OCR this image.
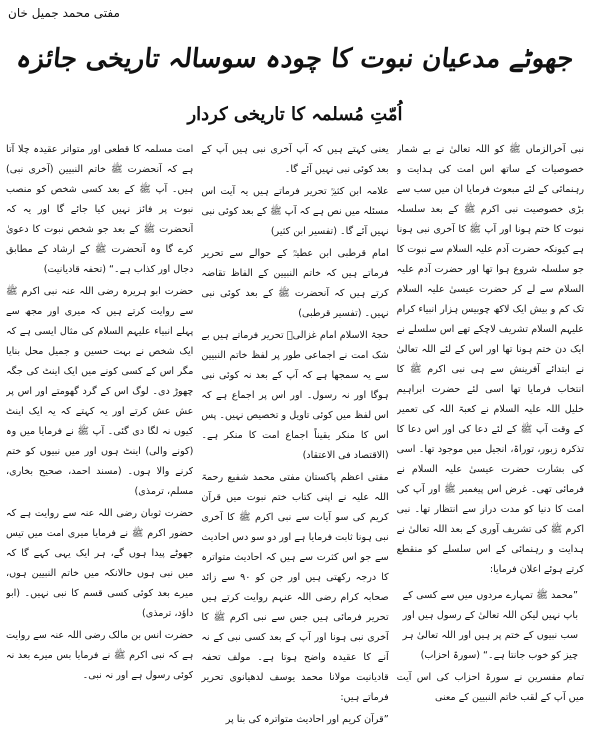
مفتی محمد جمیل خان
جھوٹے مدعیان نبوت کا چودہ سوسالہ تاریخی جائزہ
اُمّتِ مُسلمہ کا تاریخی کردار

نبی آخرالزماں ﷺ کو اللہ تعالیٰ نے بے شمار خصوصیات کے ساتھ اس امت کی ہدایت و رہنمائی کے لئے مبعوث فرمایا ان میں سب سے بڑی خصوصیت نبی اکرم ﷺ کے بعد سلسلہ نبوت کا ختم ہونا اور آپ ﷺ کا آخری نبی ہونا ہے کیونکہ حضرت آدم علیہ السلام سے نبوت کا جو سلسلہ شروع ہوا تھا اور حضرت آدم علیہ السلام سے لے کر حضرت عیسیٰ علیہ السلام تک کم و بیش ایک لاکھ چوبیس ہزار انبیاء کرام علیہم السلام تشریف لاچکے تھے اس سلسلے نے ایک دن ختم ہونا تھا اور اس کے لئے اللہ تعالیٰ نے ابتدائے آفرینش سے ہی نبی اکرم ﷺ کا انتخاب فرمایا تھا اسی لئے حضرت ابراہیم خلیل اللہ علیہ السلام نے کعبۃ اللہ کی تعمیر کے وقت آپ ﷺ کے لئے دعا کی اور اس دعا کا تذکرہ زبور، توراۃ، انجیل میں موجود تھا۔ اسی کی بشارت حضرت عیسیٰ علیہ السلام نے فرمائی تھی۔ غرض اس پیغمبر ﷺ اور آپ کی امت کا دنیا کو مدت دراز سے انتظار تھا۔ نبی اکرم ﷺ کی تشریف آوری کے بعد اللہ تعالیٰ نے ہدایت و رہنمائی کے اس سلسلے کو منقطع کرتے ہوئے اعلان فرمایا:

”محمد ﷺ تمہارے مردوں میں سے کسی کے باپ نہیں لیکن اللہ تعالیٰ کے رسول ہیں اور سب نبیوں کے ختم پر ہیں اور اللہ تعالیٰ ہر چیز کو خوب جانتا ہے۔“ (سورۃ احزاب)

تمام مفسرین نے سورۃ احزاب کی اس آیت میں آپ کے لقب خاتم النبیین کے معنی

یعنی کہتے ہیں کہ آپ آخری نبی ہیں آپ کے بعد کوئی نبی نہیں آئے گا۔

علامہ ابن کثیرؒ تحریر فرماتے ہیں یہ آیت اس مسئلہ میں نص ہے کہ آپ ﷺ کے بعد کوئی نبی نہیں آئے گا۔ (تفسیر ابن کثیر)

امام قرطبی ابن عطیہؒ کے حوالے سے تحریر فرماتے ہیں کہ خاتم النبیین کے الفاظ تقاضہ کرتے ہیں کہ آنحضرت ﷺ کے بعد کوئی نبی نہیں۔ (تفسیر قرطبی)

حجۃ الاسلام امام غزالیؒ تحریر فرماتے ہیں بے شک امت نے اجماعی طور پر لفظ خاتم النبیین سے یہ سمجھا ہے کہ آپ کے بعد نہ کوئی نبی ہوگا اور نہ رسول۔ اور اس پر اجماع ہے کہ اس لفظ میں کوئی تاویل و تخصیص نہیں۔ پس اس کا منکر یقیناً اجماع امت کا منکر ہے۔ (الاقتصاد فی الاعتقاد)

مفتی اعظم پاکستان مفتی محمد شفیع رحمۃ اللہ علیہ نے اپنی کتاب ختم نبوت میں قرآن کریم کی سو آیات سے نبی اکرم ﷺ کا آخری نبی ہونا ثابت فرمایا ہے اور دو سو دس احادیث سے جو اس کثرت سے ہیں کہ احادیث متواترہ کا درجہ رکھتی ہیں اور جن کو ۹۰ سے زائد صحابہ کرام رضی اللہ عنہم روایت کرتے ہیں تحریر فرمائی ہیں جس سے نبی اکرم ﷺ کا آخری نبی ہونا اور آپ کے بعد کسی نبی کے نہ آنے کا عقیدہ واضح ہوتا ہے۔ مولف تحفہ قادیانیت مولانا محمد یوسف لدھیانوی تحریر فرماتے ہیں:

”قرآن کریم اور احادیث متواترہ کی بنا پر

امت مسلمہ کا قطعی اور متواتر عقیدہ چلا آتا ہے کہ آنحضرت ﷺ خاتم النبیین (آخری نبی) ہیں۔ آپ ﷺ کے بعد کسی شخص کو منصب نبوت پر فائز نہیں کیا جائے گا اور یہ کہ آنحضرت ﷺ کے بعد جو شخص نبوت کا دعویٰ کرے گا وہ آنحضرت ﷺ کے ارشاد کے مطابق دجال اور کذاب ہے۔“ (تحفہ قادیانیت)

حضرت ابو ہریرہ رضی اللہ عنہ نبی اکرم ﷺ سے روایت کرتے ہیں کہ میری اور مجھ سے پہلے انبیاء علیہم السلام کی مثال ایسی ہے کہ ایک شخص نے بہت حسین و جمیل محل بنایا مگر اس کے کسی کونے میں ایک اینٹ کی جگہ چھوڑ دی۔ لوگ اس کے گرد گھومتے اور اس پر عش عش کرتے اور یہ کہتے کہ یہ ایک اینٹ کیوں نہ لگا دی گئی۔ آپ ﷺ نے فرمایا میں وہ (کونے والی) اینٹ ہوں اور میں نبیوں کو ختم کرنے والا ہوں۔ (مسند احمد، صحیح بخاری، مسلم، ترمذی)

حضرت ثوبان رضی اللہ عنہ سے روایت ہے کہ حضور اکرم ﷺ نے فرمایا میری امت میں تیس جھوٹے پیدا ہوں گے، ہر ایک یہی کہے گا کہ میں نبی ہوں حالانکہ میں خاتم النبیین ہوں، میرے بعد کوئی کسی قسم کا نبی نہیں۔ (ابو داؤد، ترمذی)

حضرت انس بن مالک رضی اللہ عنہ سے روایت ہے کہ نبی اکرم ﷺ نے فرمایا بس میرے بعد نہ کوئی رسول ہے اور نہ نبی۔
